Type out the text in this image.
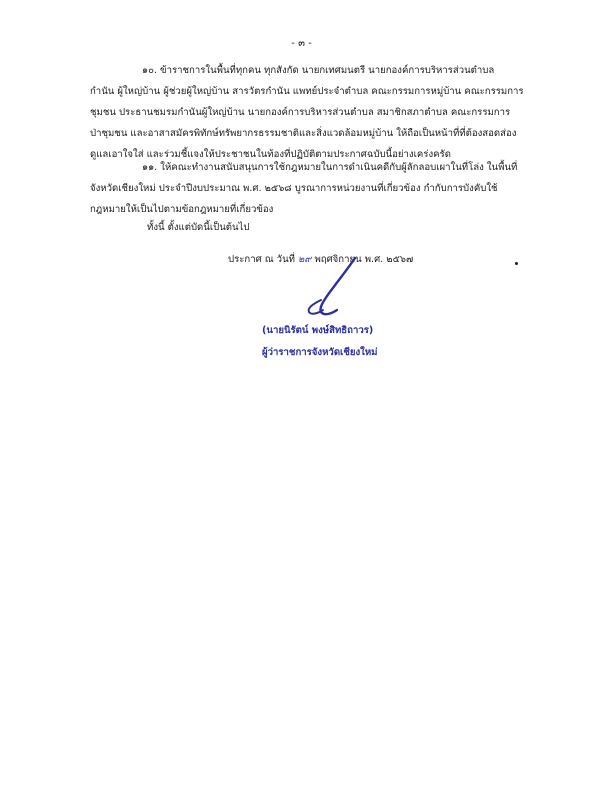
- ๓ -

๑๐. ข้าราชการในพื้นที่ทุกคน ทุกสังกัด นายกเทศมนตรี นายกองค์การบริหารส่วนตำบล
กำนัน ผู้ใหญ่บ้าน ผู้ช่วยผู้ใหญ่บ้าน สารวัตรกำนัน แพทย์ประจำตำบล คณะกรรมการหมู่บ้าน คณะกรรมการ
ชุมชน ประธานชมรมกำนันผู้ใหญ่บ้าน นายกองค์การบริหารส่วนตำบล สมาชิกสภาตำบล คณะกรรมการ
ป่าชุมชน และอาสาสมัครพิทักษ์ทรัพยากรธรรมชาติและสิ่งแวดล้อมหมู่บ้าน ให้ถือเป็นหน้าที่ที่ต้องสอดส่อง
ดูแลเอาใจใส่ และร่วมชี้แจงให้ประชาชนในท้องที่ปฏิบัติตามประกาศฉบับนี้อย่างเคร่งครัด

๑๑. ให้คณะทำงานสนับสนุนการใช้กฎหมายในการดำเนินคดีกับผู้ลักลอบเผาในที่โล่ง ในพื้นที่
จังหวัดเชียงใหม่ ประจำปีงบประมาณ พ.ศ. ๒๕๖๘ บูรณาการหน่วยงานที่เกี่ยวข้อง กำกับการบังคับใช้
กฎหมายให้เป็นไปตามข้อกฎหมายที่เกี่ยวข้อง

ทั้งนี้ ตั้งแต่บัดนี้เป็นต้นไป
ประกาศ ณ วันที่ ๒๙ พฤศจิกายน พ.ศ. ๒๕๖๗
(นายนิรัตน์ พงษ์สิทธิถาวร)
ผู้ว่าราชการจังหวัดเชียงใหม่
